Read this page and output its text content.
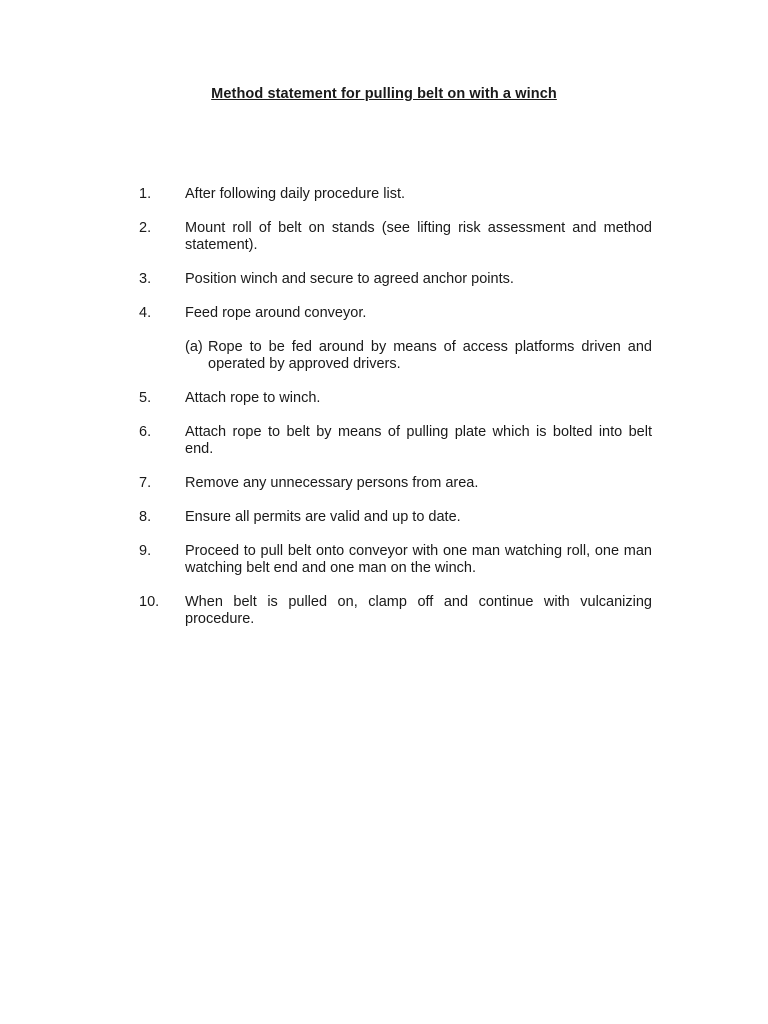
Method statement for pulling belt on with a winch
1.	After following daily procedure list.
2.	Mount roll of belt on stands (see lifting risk assessment and method statement).
3.	Position winch and secure to agreed anchor points.
4.	Feed rope around conveyor.
(a) Rope to be fed around by means of access platforms driven and operated by approved drivers.
5.	Attach rope to winch.
6.	Attach rope to belt by means of pulling plate which is bolted into belt end.
7.	Remove any unnecessary persons from area.
8.	Ensure all permits are valid and up to date.
9.	Proceed to pull belt onto conveyor with one man watching roll, one man watching belt end and one man on the winch.
10.	When belt is pulled on, clamp off and continue with vulcanizing procedure.
